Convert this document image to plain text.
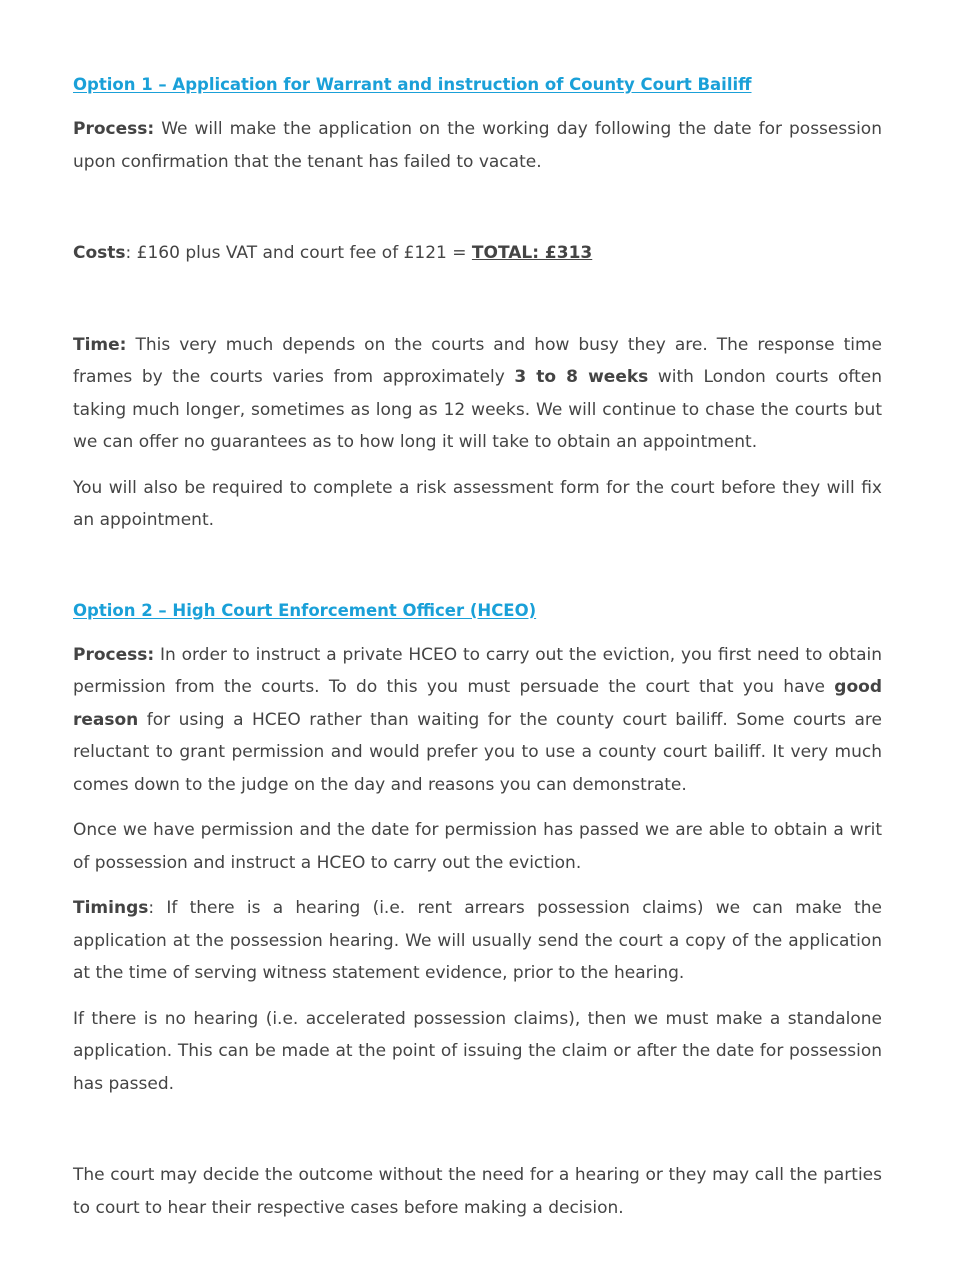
Option 1 – Application for Warrant and instruction of County Court Bailiff

Process: We will make the application on the working day following the date for possession upon confirmation that the tenant has failed to vacate.

Costs: £160 plus VAT and court fee of £121 = TOTAL: £313

Time: This very much depends on the courts and how busy they are. The response time frames by the courts varies from approximately 3 to 8 weeks with London courts often taking much longer, sometimes as long as 12 weeks. We will continue to chase the courts but we can offer no guarantees as to how long it will take to obtain an appointment.

You will also be required to complete a risk assessment form for the court before they will fix an appointment.

Option 2 – High Court Enforcement Officer (HCEO)

Process: In order to instruct a private HCEO to carry out the eviction, you first need to obtain permission from the courts. To do this you must persuade the court that you have good reason for using a HCEO rather than waiting for the county court bailiff. Some courts are reluctant to grant permission and would prefer you to use a county court bailiff. It very much comes down to the judge on the day and reasons you can demonstrate.

Once we have permission and the date for permission has passed we are able to obtain a writ of possession and instruct a HCEO to carry out the eviction.

Timings: If there is a hearing (i.e. rent arrears possession claims) we can make the application at the possession hearing. We will usually send the court a copy of the application at the time of serving witness statement evidence, prior to the hearing.

If there is no hearing (i.e. accelerated possession claims), then we must make a standalone application. This can be made at the point of issuing the claim or after the date for possession has passed.

The court may decide the outcome without the need for a hearing or they may call the parties to court to hear their respective cases before making a decision.
